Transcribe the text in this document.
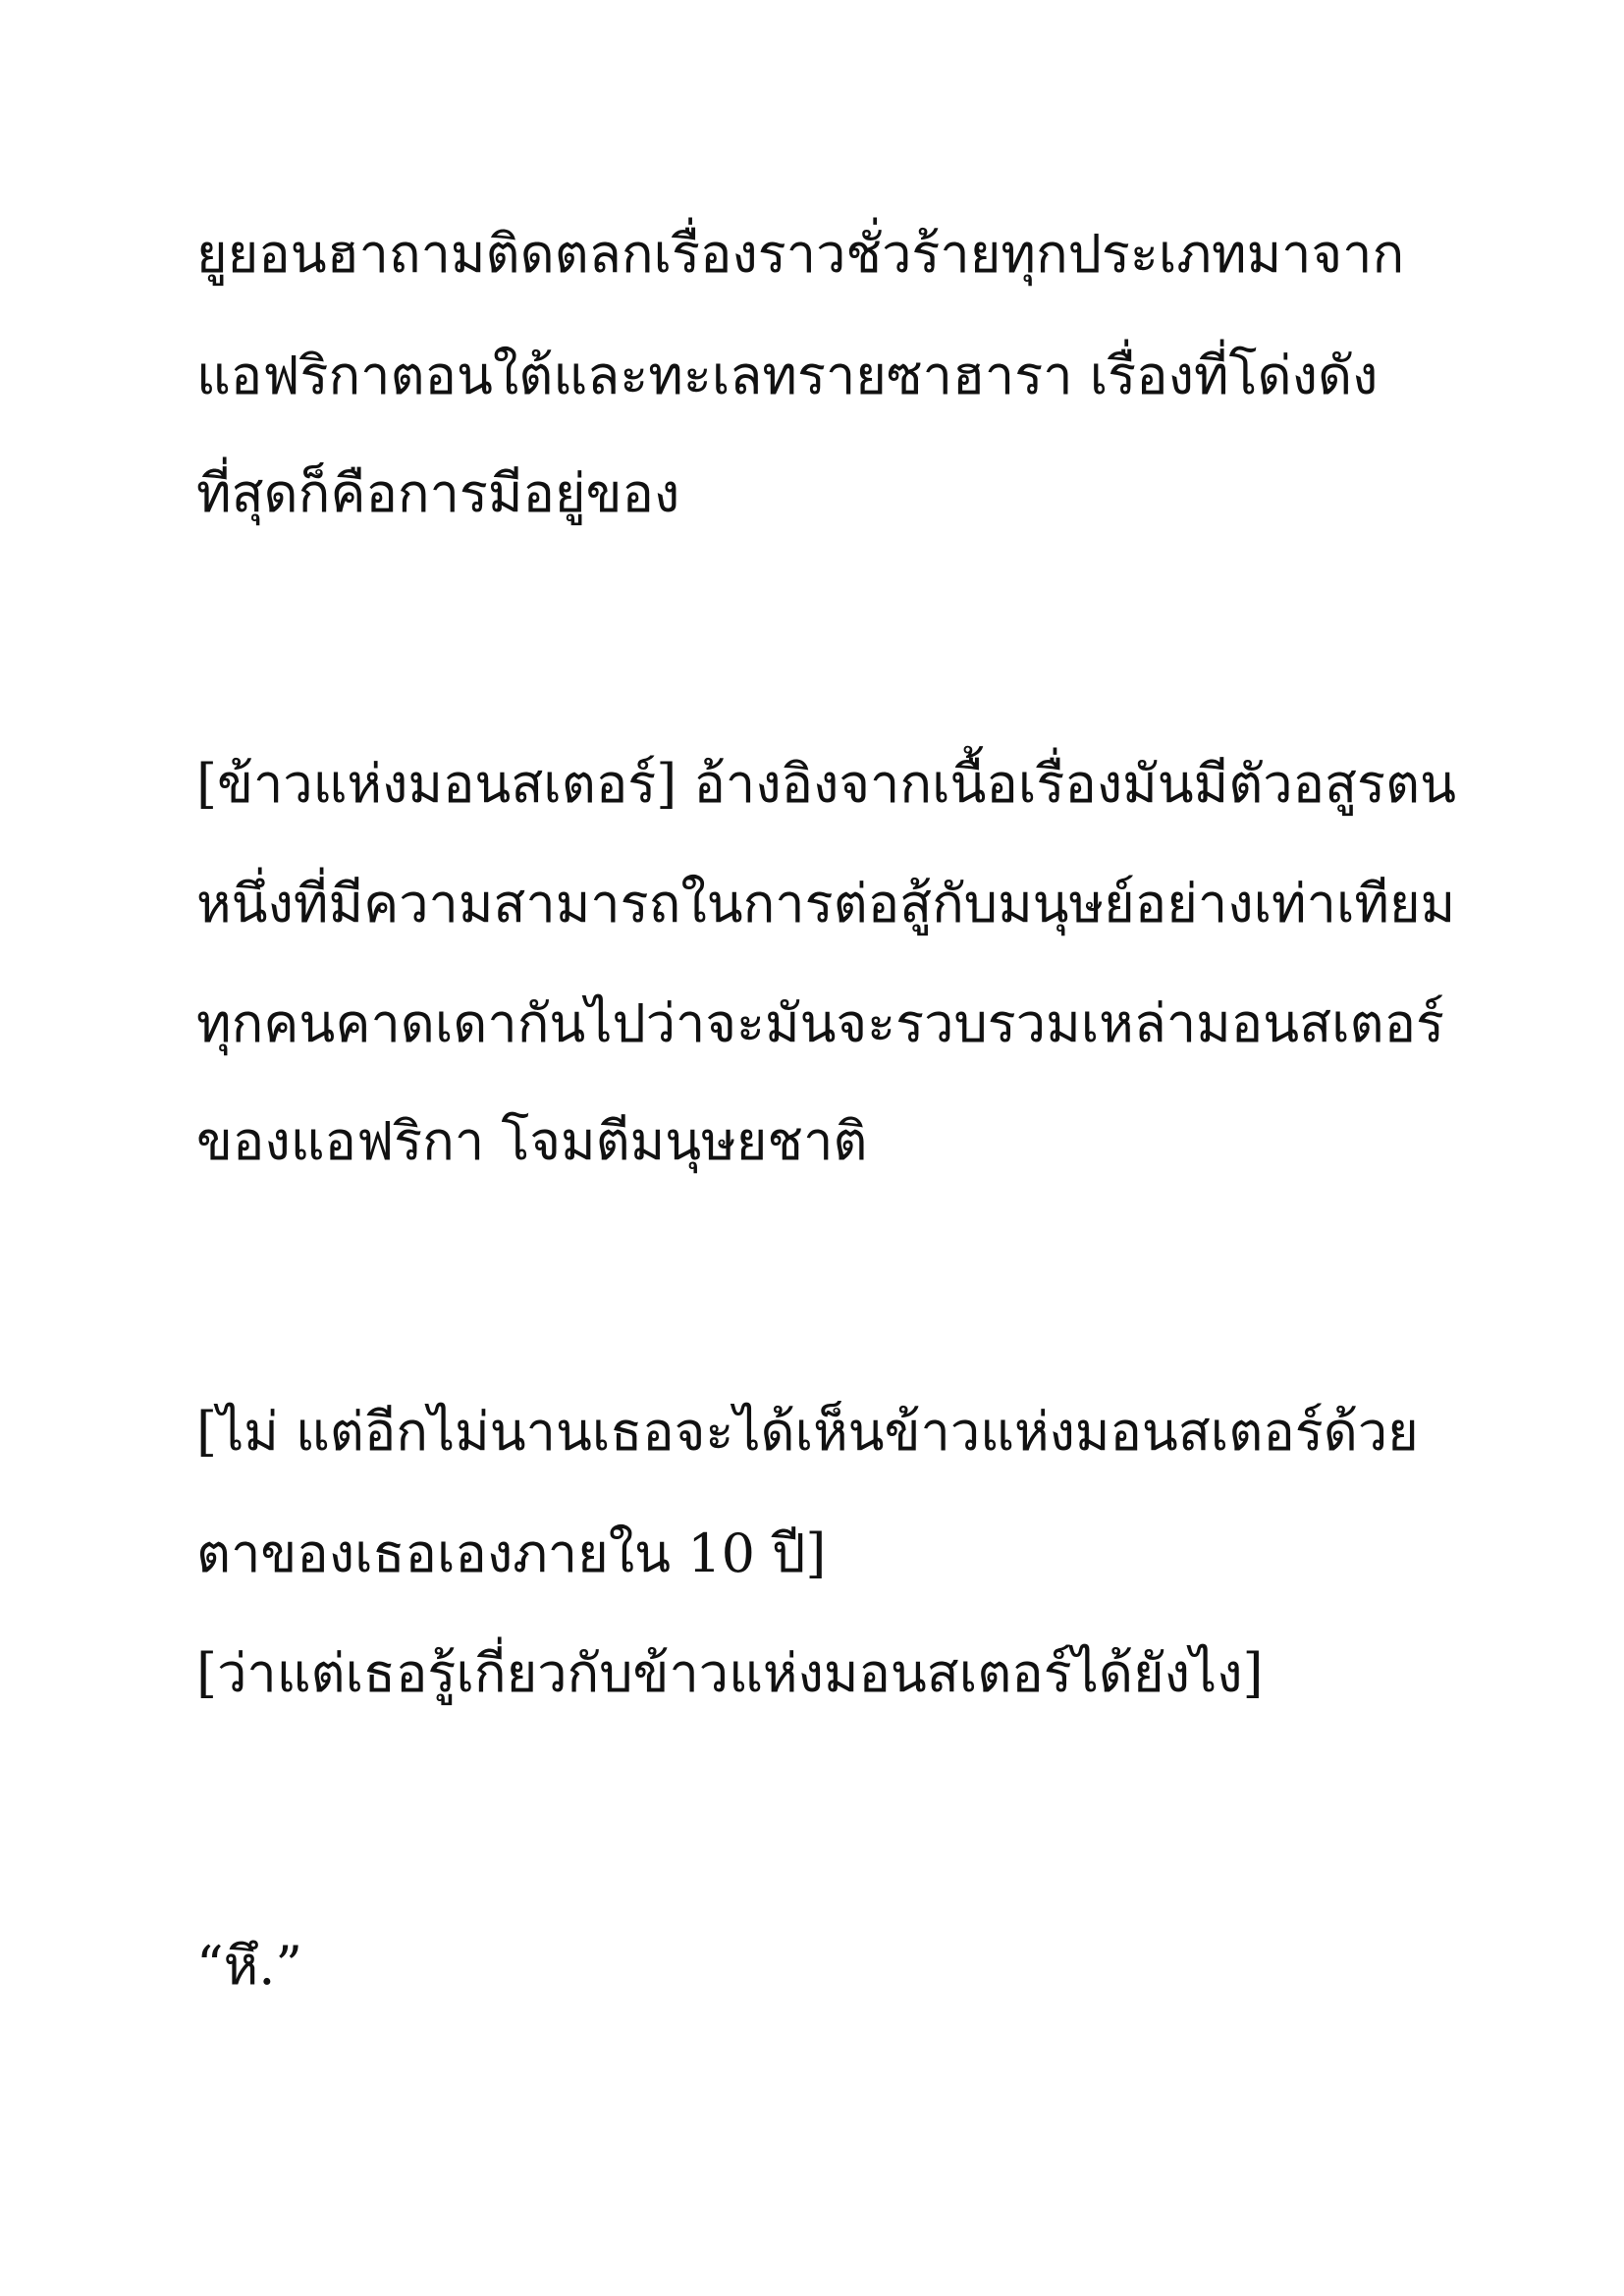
ยูยอนฮาถามติดตลกเรื่องราวชั่วร้ายทุกประเภทมาจาก
แอฟริกาตอนใต้และทะเลทรายซาฮารา เรื่องที่โด่งดัง
ที่สุดก็คือการมีอยู่ของ
[ข้าวแห่งมอนสเตอร์] อ้างอิงจากเนื้อเรื่องมันมีตัวอสูรตน
หนึ่งที่มีความสามารถในการต่อสู้กับมนุษย์อย่างเท่าเทียม
ทุกคนคาดเดากันไปว่าจะมันจะรวบรวมเหล่ามอนสเตอร์
ของแอฟริกา โจมตีมนุษยชาติ
[ไม่ แต่อีกไม่นานเธอจะได้เห็นข้าวแห่งมอนสเตอร์ด้วย
ตาของเธอเองภายใน 10 ปี]
[ว่าแต่เธอรู้เกี่ยวกับข้าวแห่งมอนสเตอร์ได้ยังไง]
“หึ.”
